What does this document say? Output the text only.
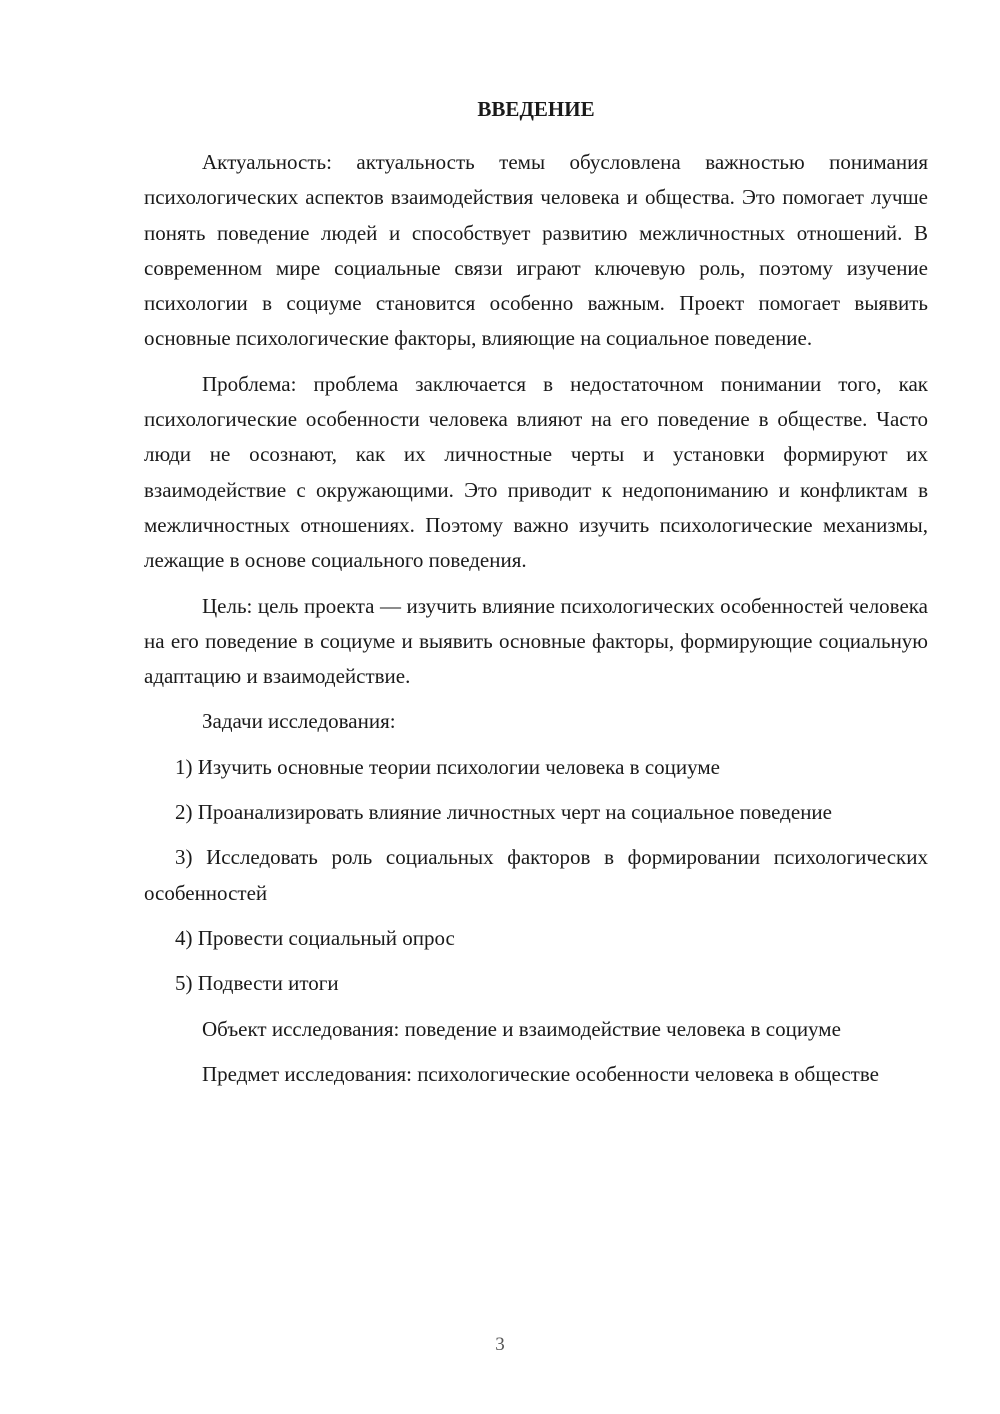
ВВЕДЕНИЕ

Актуальность: актуальность темы обусловлена важностью понимания психологических аспектов взаимодействия человека и общества. Это помогает лучше понять поведение людей и способствует развитию межличностных отношений. В современном мире социальные связи играют ключевую роль, поэтому изучение психологии в социуме становится особенно важным. Проект помогает выявить основные психологические факторы, влияющие на социальное поведение.

Проблема: проблема заключается в недостаточном понимании того, как психологические особенности человека влияют на его поведение в обществе. Часто люди не осознают, как их личностные черты и установки формируют их взаимодействие с окружающими. Это приводит к недопониманию и конфликтам в межличностных отношениях. Поэтому важно изучить психологические механизмы, лежащие в основе социального поведения.

Цель: цель проекта — изучить влияние психологических особенностей человека на его поведение в социуме и выявить основные факторы, формирующие социальную адаптацию и взаимодействие.

Задачи исследования:

1) Изучить основные теории психологии человека в социуме

2) Проанализировать влияние личностных черт на социальное поведение

3) Исследовать роль социальных факторов в формировании психологических особенностей

4) Провести социальный опрос

5) Подвести итоги

Объект исследования: поведение и взаимодействие человека в социуме

Предмет исследования: психологические особенности человека в обществе

3
